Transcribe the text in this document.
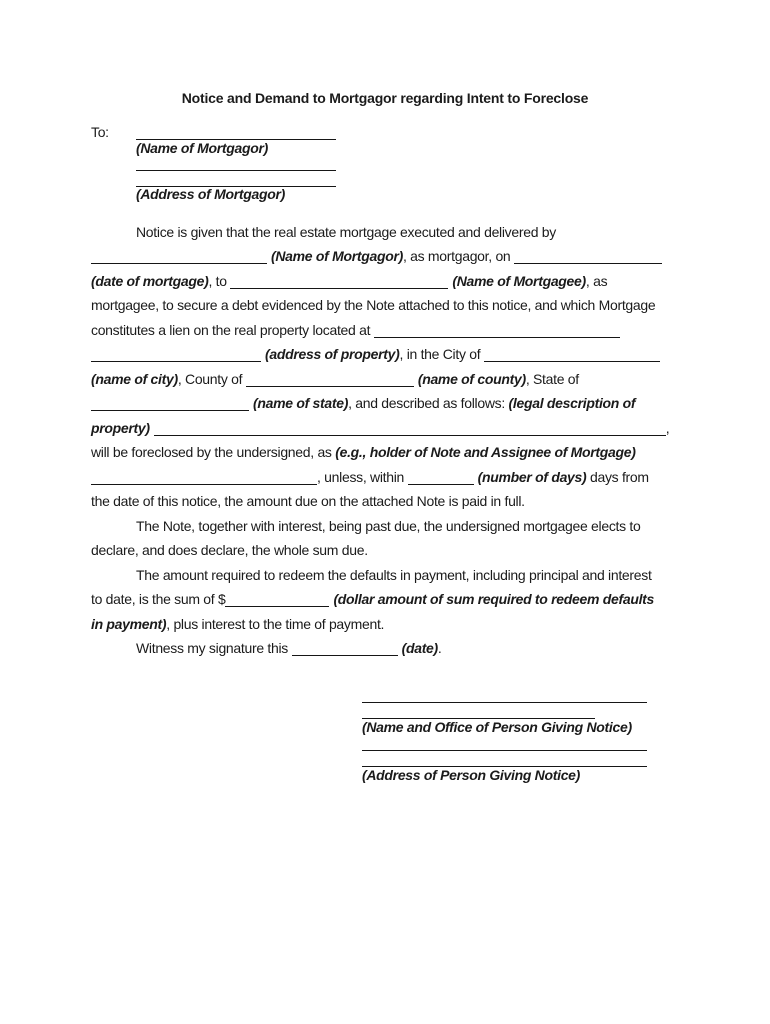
Notice and Demand to Mortgagor regarding Intent to Foreclose
To:
(Name of Mortgagor)
(Address of Mortgagor)
Notice is given that the real estate mortgage executed and delivered by
(Name of Mortgagor), as mortgagor, on
(date of mortgage), to	(Name of Mortgagee), as
mortgagee, to secure a debt evidenced by the Note attached to this notice, and which Mortgage
constitutes a lien on the real property located at
(address of property), in the City of
(name of city), County of	(name of county), State of
(name of state), and described as follows: (legal description of
property)	,
will be foreclosed by the undersigned, as (e.g., holder of Note and Assignee of Mortgage)
, unless, within	(number of days) days from
the date of this notice, the amount due on the attached Note is paid in full.
The Note, together with interest, being past due, the undersigned mortgagee elects to
declare, and does declare, the whole sum due.
The amount required to redeem the defaults in payment, including principal and interest
to date, is the sum of $	(dollar amount of sum required to redeem defaults
in payment), plus interest to the time of payment.
Witness my signature this	(date).
(Name and Office of Person Giving Notice)
(Address of Person Giving Notice)
